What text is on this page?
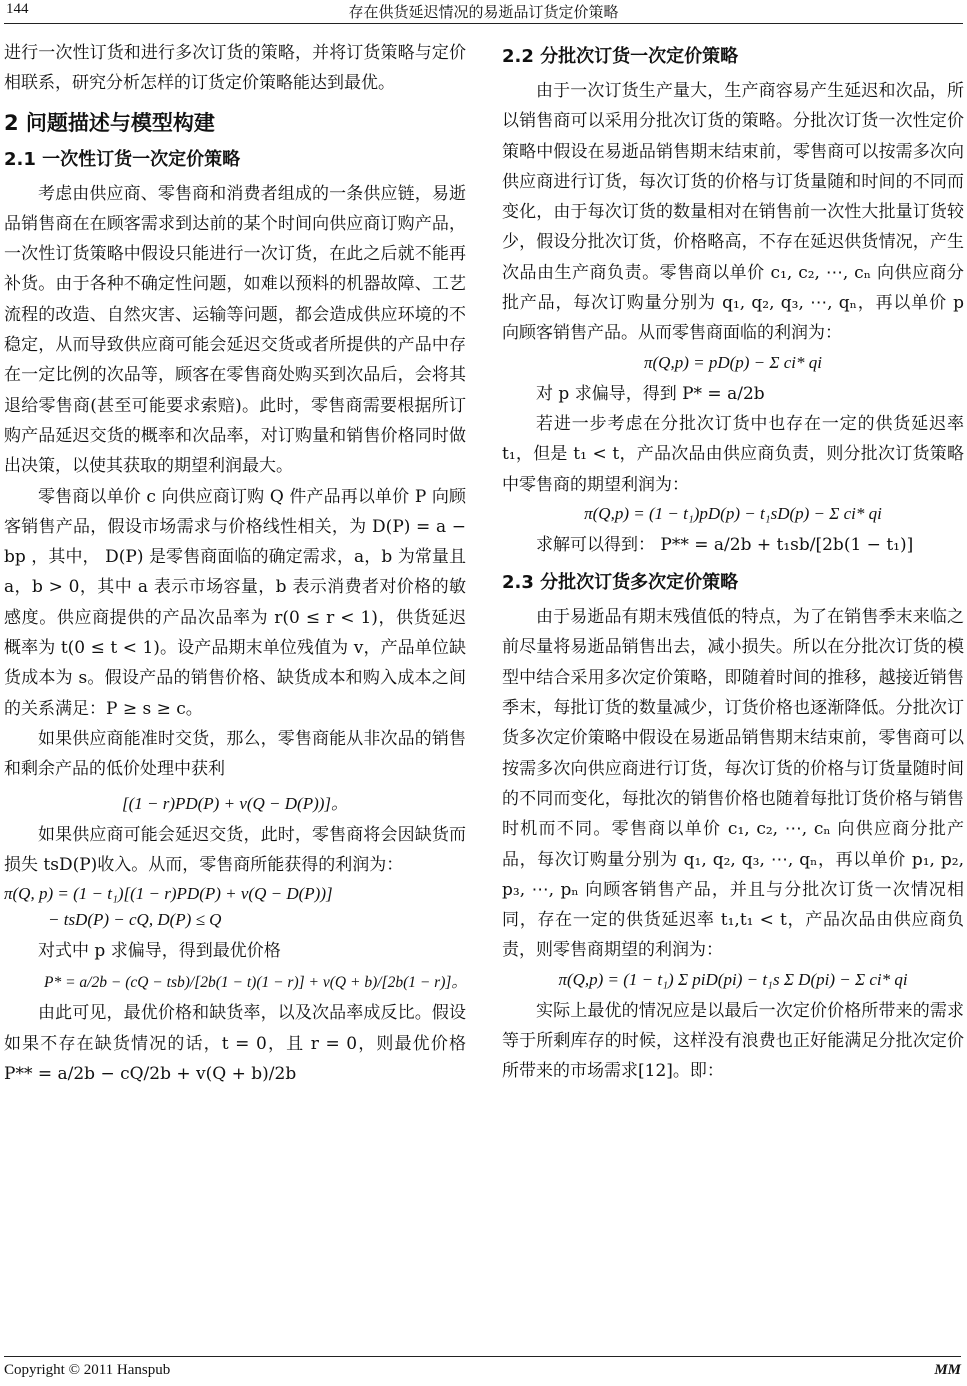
144	存在供货延迟情况的易逝品订货定价策略

进行一次性订货和进行多次订货的策略，并将订货策略与定价相联系，研究分析怎样的订货定价策略能达到最优。

2 问题描述与模型构建
2.1 一次性订货一次定价策略

考虑由供应商、零售商和消费者组成的一条供应链，易逝品销售商在在顾客需求到达前的某个时间向供应商订购产品，一次性订货策略中假设只能进行一次订货，在此之后就不能再补货。由于各种不确定性问题，如难以预料的机器故障、工艺流程的改造、自然灾害、运输等问题，都会造成供应环境的不稳定，从而导致供应商可能会延迟交货或者所提供的产品中存在一定比例的次品等，顾客在零售商处购买到次品后，会将其退给零售商(甚至可能要求索赔)。此时，零售商需要根据所订购产品延迟交货的概率和次品率，对订购量和销售价格同时做出决策，以使其获取的期望利润最大。

零售商以单价 c 向供应商订购 Q 件产品再以单价 P 向顾客销售产品，假设市场需求与价格线性相关，为 D(P) = a − bp ，其中， D(P) 是零售商面临的确定需求，a，b 为常量且 a，b > 0，其中 a 表示市场容量，b 表示消费者对价格的敏感度。供应商提供的产品次品率为 r(0 ≤ r < 1)，供货延迟概率为 t(0 ≤ t < 1)。设产品期末单位残值为 v，产品单位缺货成本为 s。假设产品的销售价格、缺货成本和购入成本之间的关系满足：P ≥ s ≥ c。

如果供应商能准时交货，那么，零售商能从非次品的销售和剩余产品的低价处理中获利

[(1 − r)PD(P) + v(Q − D(P))]。

如果供应商可能会延迟交货，此时，零售商将会因缺货而损失 tsD(P)收入。从而，零售商所能获得的利润为：

π(Q, p) = (1 − t₁)[(1 − r)PD(P) + v(Q − D(P))]
− tsD(P) − cQ, D(P) ≤ Q

对式中 p 求偏导，得到最优价格

P* = a/2b − (cQ − tsb)/[2b(1 − t)(1 − r)] + v(Q + b)/[2b(1 − r)]。

由此可见，最优价格和缺货率，以及次品率成反比。假设如果不存在缺货情况的话，t = 0，且 r = 0，则最优价格 P** = a/2b − cQ/2b + v(Q + b)/2b

2.2 分批次订货一次定价策略

由于一次订货生产量大，生产商容易产生延迟和次品，所以销售商可以采用分批次订货的策略。分批次订货一次性定价策略中假设在易逝品销售期末结束前，零售商可以按需多次向供应商进行订货，每次订货的价格与订货量随和时间的不同而变化，由于每次订货的数量相对在销售前一次性大批量订货较少，假设分批次订货，价格略高，不存在延迟供货情况，产生次品由生产商负责。零售商以单价 c₁, c₂, ⋯, cₙ 向供应商分批产品，每次订购量分别为 q₁, q₂, q₃, ⋯, qₙ，再以单价 p 向顾客销售产品。从而零售商面临的利润为：

π(Q,p) = pD(p) − Σ ci* qi

对 p 求偏导，得到 P* = a/2b

若进一步考虑在分批次订货中也存在一定的供货延迟率 t₁，但是 t₁ < t，产品次品由供应商负责，则分批次订货策略中零售商的期望利润为：

π(Q,p) = (1 − t₁)pD(p) − t₁sD(p) − Σ ci* qi

求解可以得到： P** = a/2b + t₁sb/[2b(1 − t₁)]

2.3 分批次订货多次定价策略

由于易逝品有期末残值低的特点，为了在销售季末来临之前尽量将易逝品销售出去，减小损失。所以在分批次订货的模型中结合采用多次定价策略，即随着时间的推移，越接近销售季末，每批订货的数量减少，订货价格也逐渐降低。分批次订货多次定价策略中假设在易逝品销售期末结束前，零售商可以按需多次向供应商进行订货，每次订货的价格与订货量随时间的不同而变化，每批次的销售价格也随着每批订货价格与销售时机而不同。零售商以单价 c₁, c₂, ⋯, cₙ 向供应商分批产品，每次订购量分别为 q₁, q₂, q₃, ⋯, qₙ，再以单价 p₁, p₂, p₃, ⋯, pₙ 向顾客销售产品，并且与分批次订货一次情况相同，存在一定的供货延迟率 t₁,t₁ < t，产品次品由供应商负责，则零售商期望的利润为：

π(Q,p) = (1 − t₁) Σ piD(pi) − t₁s Σ D(pi) − Σ ci* qi

实际上最优的情况应是以最后一次定价价格所带来的需求等于所剩库存的时候，这样没有浪费也正好能满足分批次定价所带来的市场需求[12]。即：

Copyright © 2011 Hanspub	MM
